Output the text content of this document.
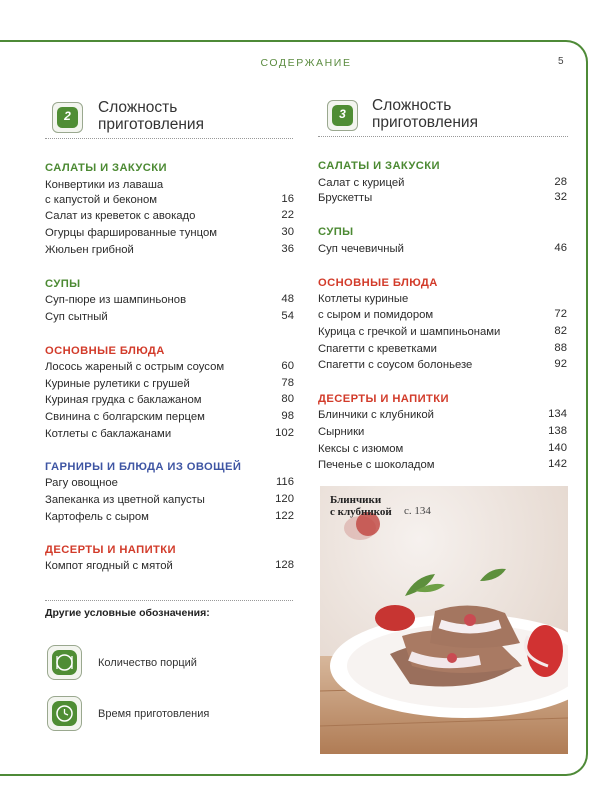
СОДЕРЖАНИЕ	5
2	Сложность
приготовления
САЛАТЫ И ЗАКУСКИ
Конвертики из лаваша
с капустой и беконом	16
Салат из креветок с авокадо	22
Огурцы фаршированные тунцом	30
Жюльен грибной	36
СУПЫ
Суп-пюре из шампиньонов	48
Суп сытный	54
ОСНОВНЫЕ БЛЮДА
Лосось жареный с острым соусом	60
Куриные рулетики с грушей	78
Куриная грудка с баклажаном	80
Свинина с болгарским перцем	98
Котлеты с баклажанами	102
ГАРНИРЫ И БЛЮДА ИЗ ОВОЩЕЙ
Рагу овощное	116
Запеканка из цветной капусты	120
Картофель с сыром	122
ДЕСЕРТЫ И НАПИТКИ
Компот ягодный с мятой	128
3	Сложность
приготовления
САЛАТЫ И ЗАКУСКИ
Салат с курицей	28
Брускетты	32
СУПЫ
Суп чечевичный	46
ОСНОВНЫЕ БЛЮДА
Котлеты куриные
с сыром и помидором	72
Курица с гречкой и шампиньонами	82
Спагетти с креветками	88
Спагетти с соусом болоньезе	92
ДЕСЕРТЫ И НАПИТКИ
Блинчики с клубникой	134
Сырники	138
Кексы с изюмом	140
Печенье с шоколадом	142
Другие условные обозначения:
Количество порций
Время приготовления
Блинчики
с клубникой с. 134
